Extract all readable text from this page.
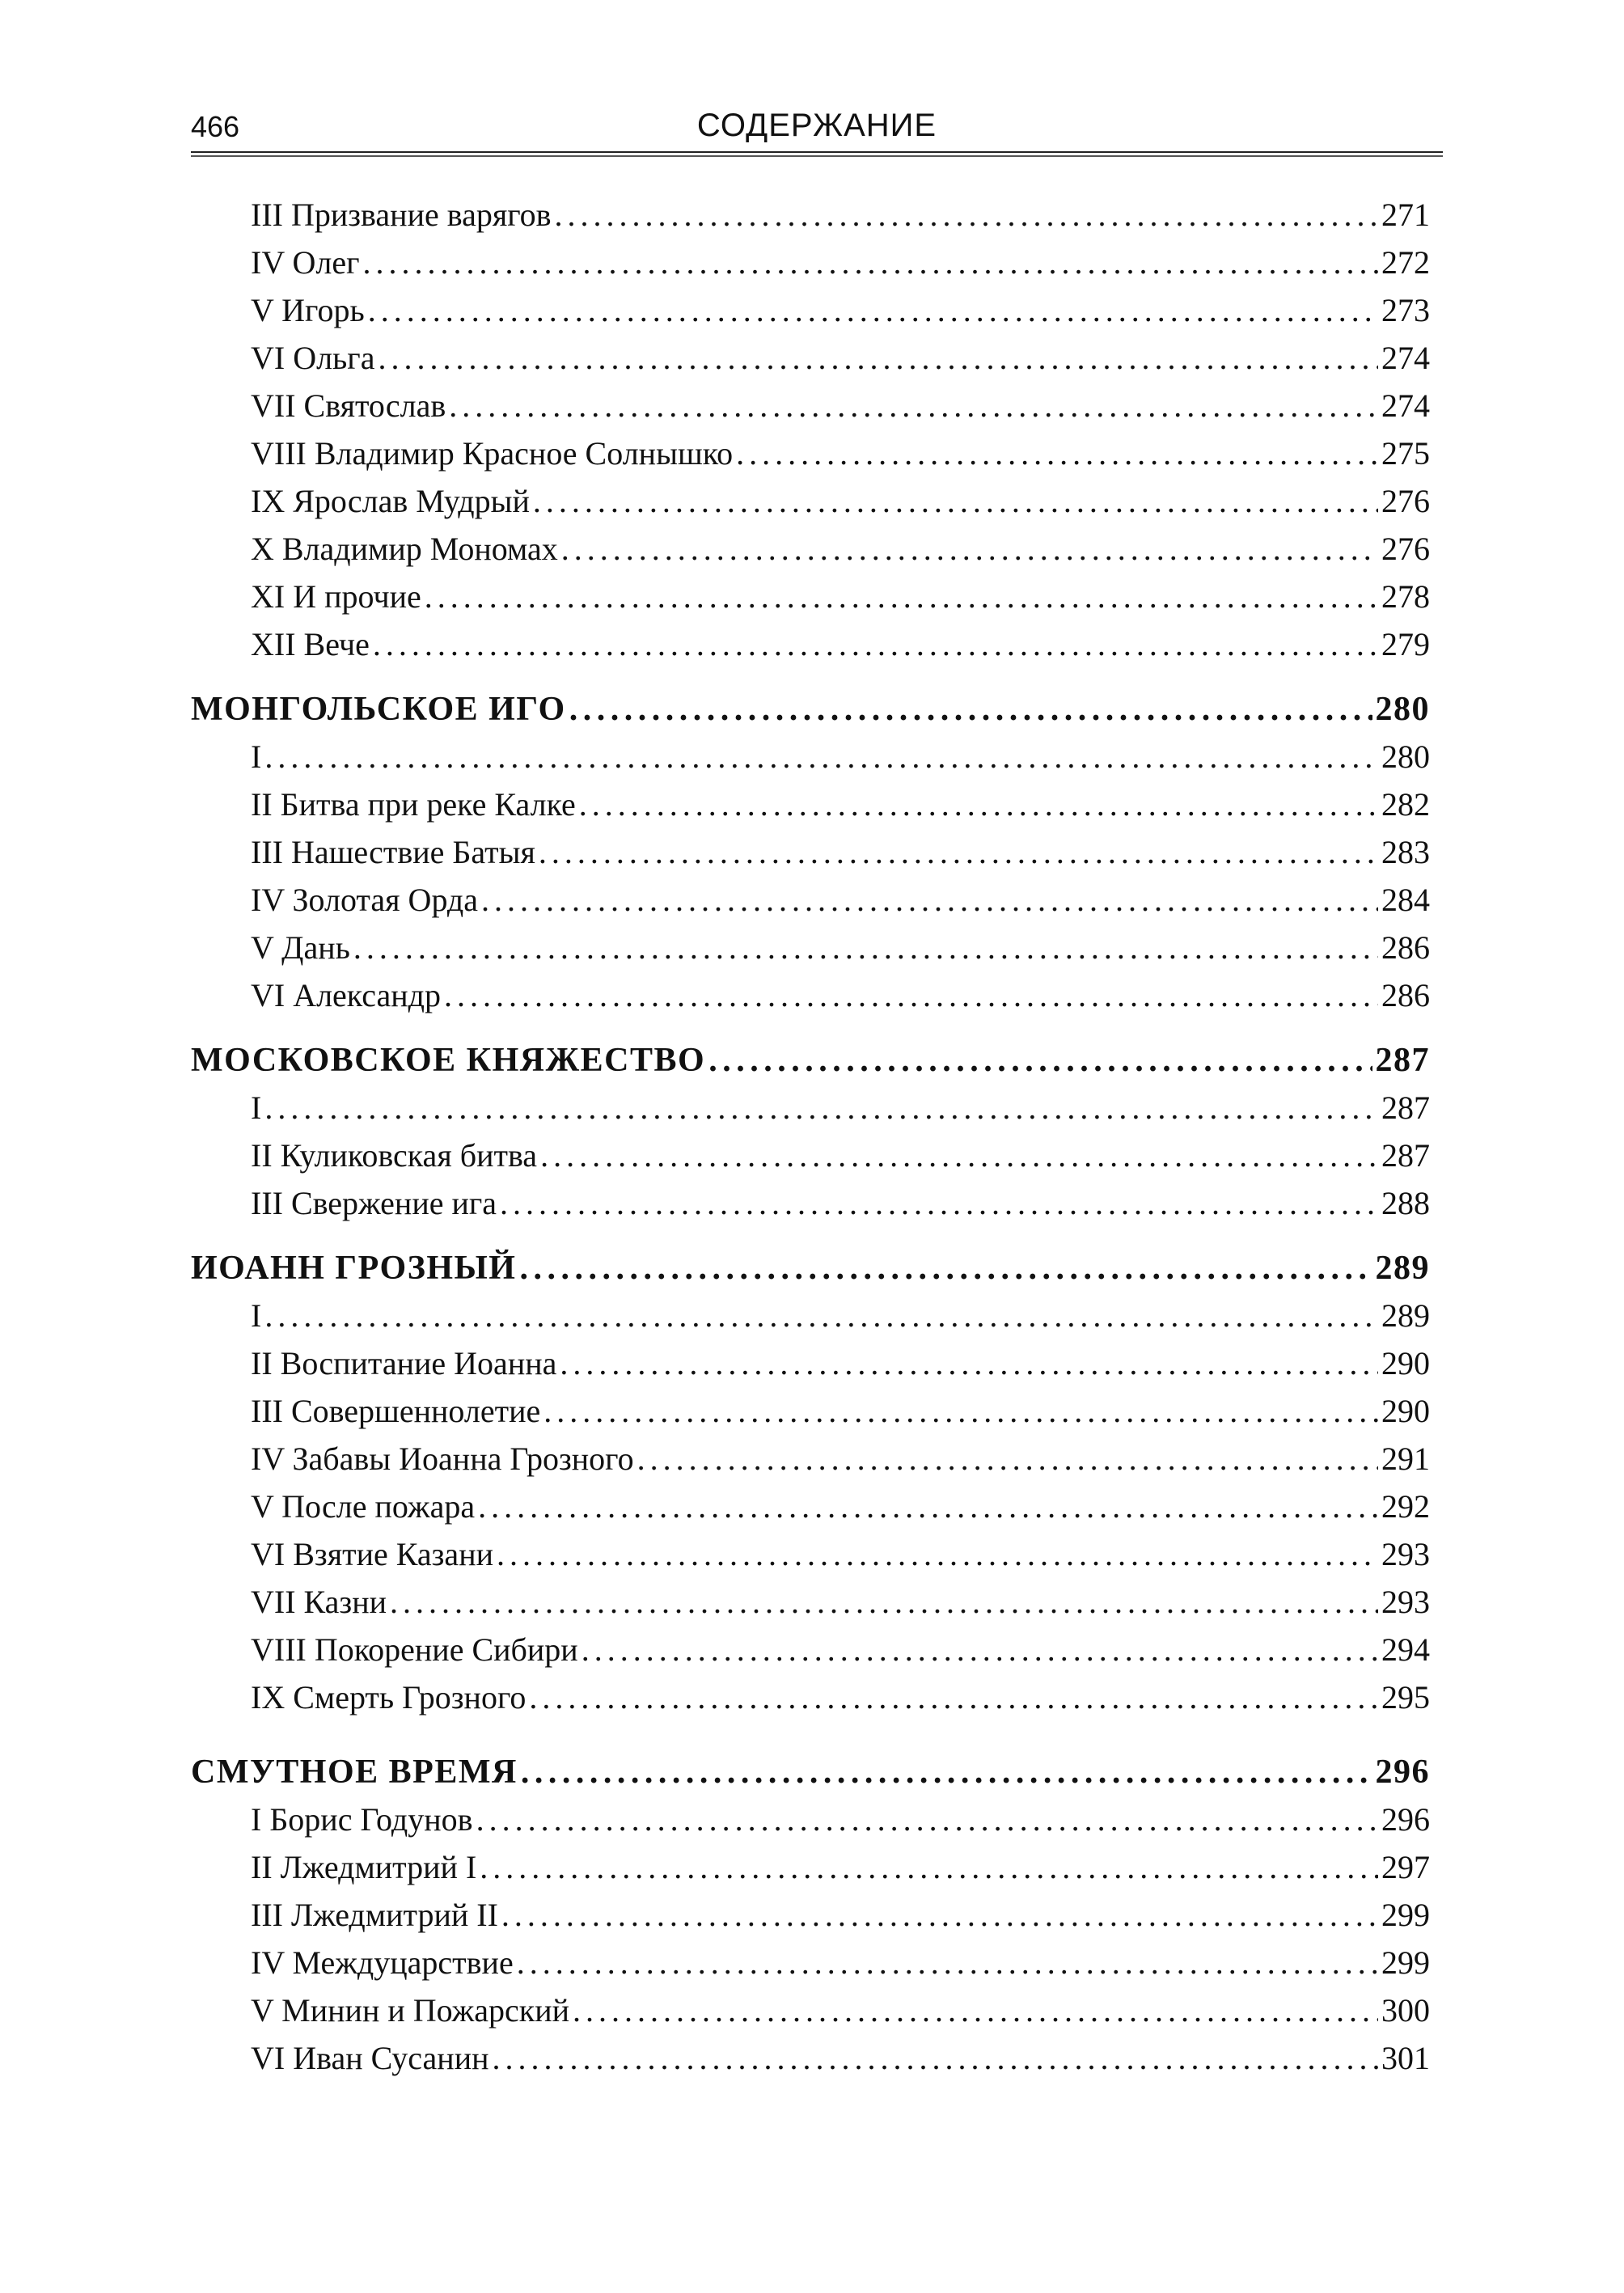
466	СОДЕРЖАНИЕ
III Призвание варягов . . .	271
IV Олег . . .	272
V Игорь . . .	273
VI Ольга . . .	274
VII Святослав . . .	274
VIII Владимир Красное Солнышко . . .	275
IX Ярослав Мудрый . . .	276
X Владимир Мономах . . .	276
XI И прочие . . .	278
XII Вече . . .	279
МОНГОЛЬСКОЕ ИГО . . .	280
I . . .	280
II Битва при реке Калке . . .	282
III Нашествие Батыя . . .	283
IV Золотая Орда . . .	284
V Дань . . .	286
VI Александр . . .	286
МОСКОВСКОЕ КНЯЖЕСТВО . . .	287
I . . .	287
II Куликовская битва . . .	287
III Свержение ига . . .	288
ИОАНН ГРОЗНЫЙ . . .	289
I . . .	289
II Воспитание Иоанна . . .	290
III Совершеннолетие . . .	290
IV Забавы Иоанна Грозного . . .	291
V После пожара . . .	292
VI Взятие Казани . . .	293
VII Казни . . .	293
VIII Покорение Сибири . . .	294
IX Смерть Грозного . . .	295
СМУТНОЕ ВРЕМЯ . . .	296
I Борис Годунов . . .	296
II Лжедмитрий I . . .	297
III Лжедмитрий II . . .	299
IV Междуцарствие . . .	299
V Минин и Пожарский . . .	300
VI Иван Сусанин . . .	301
